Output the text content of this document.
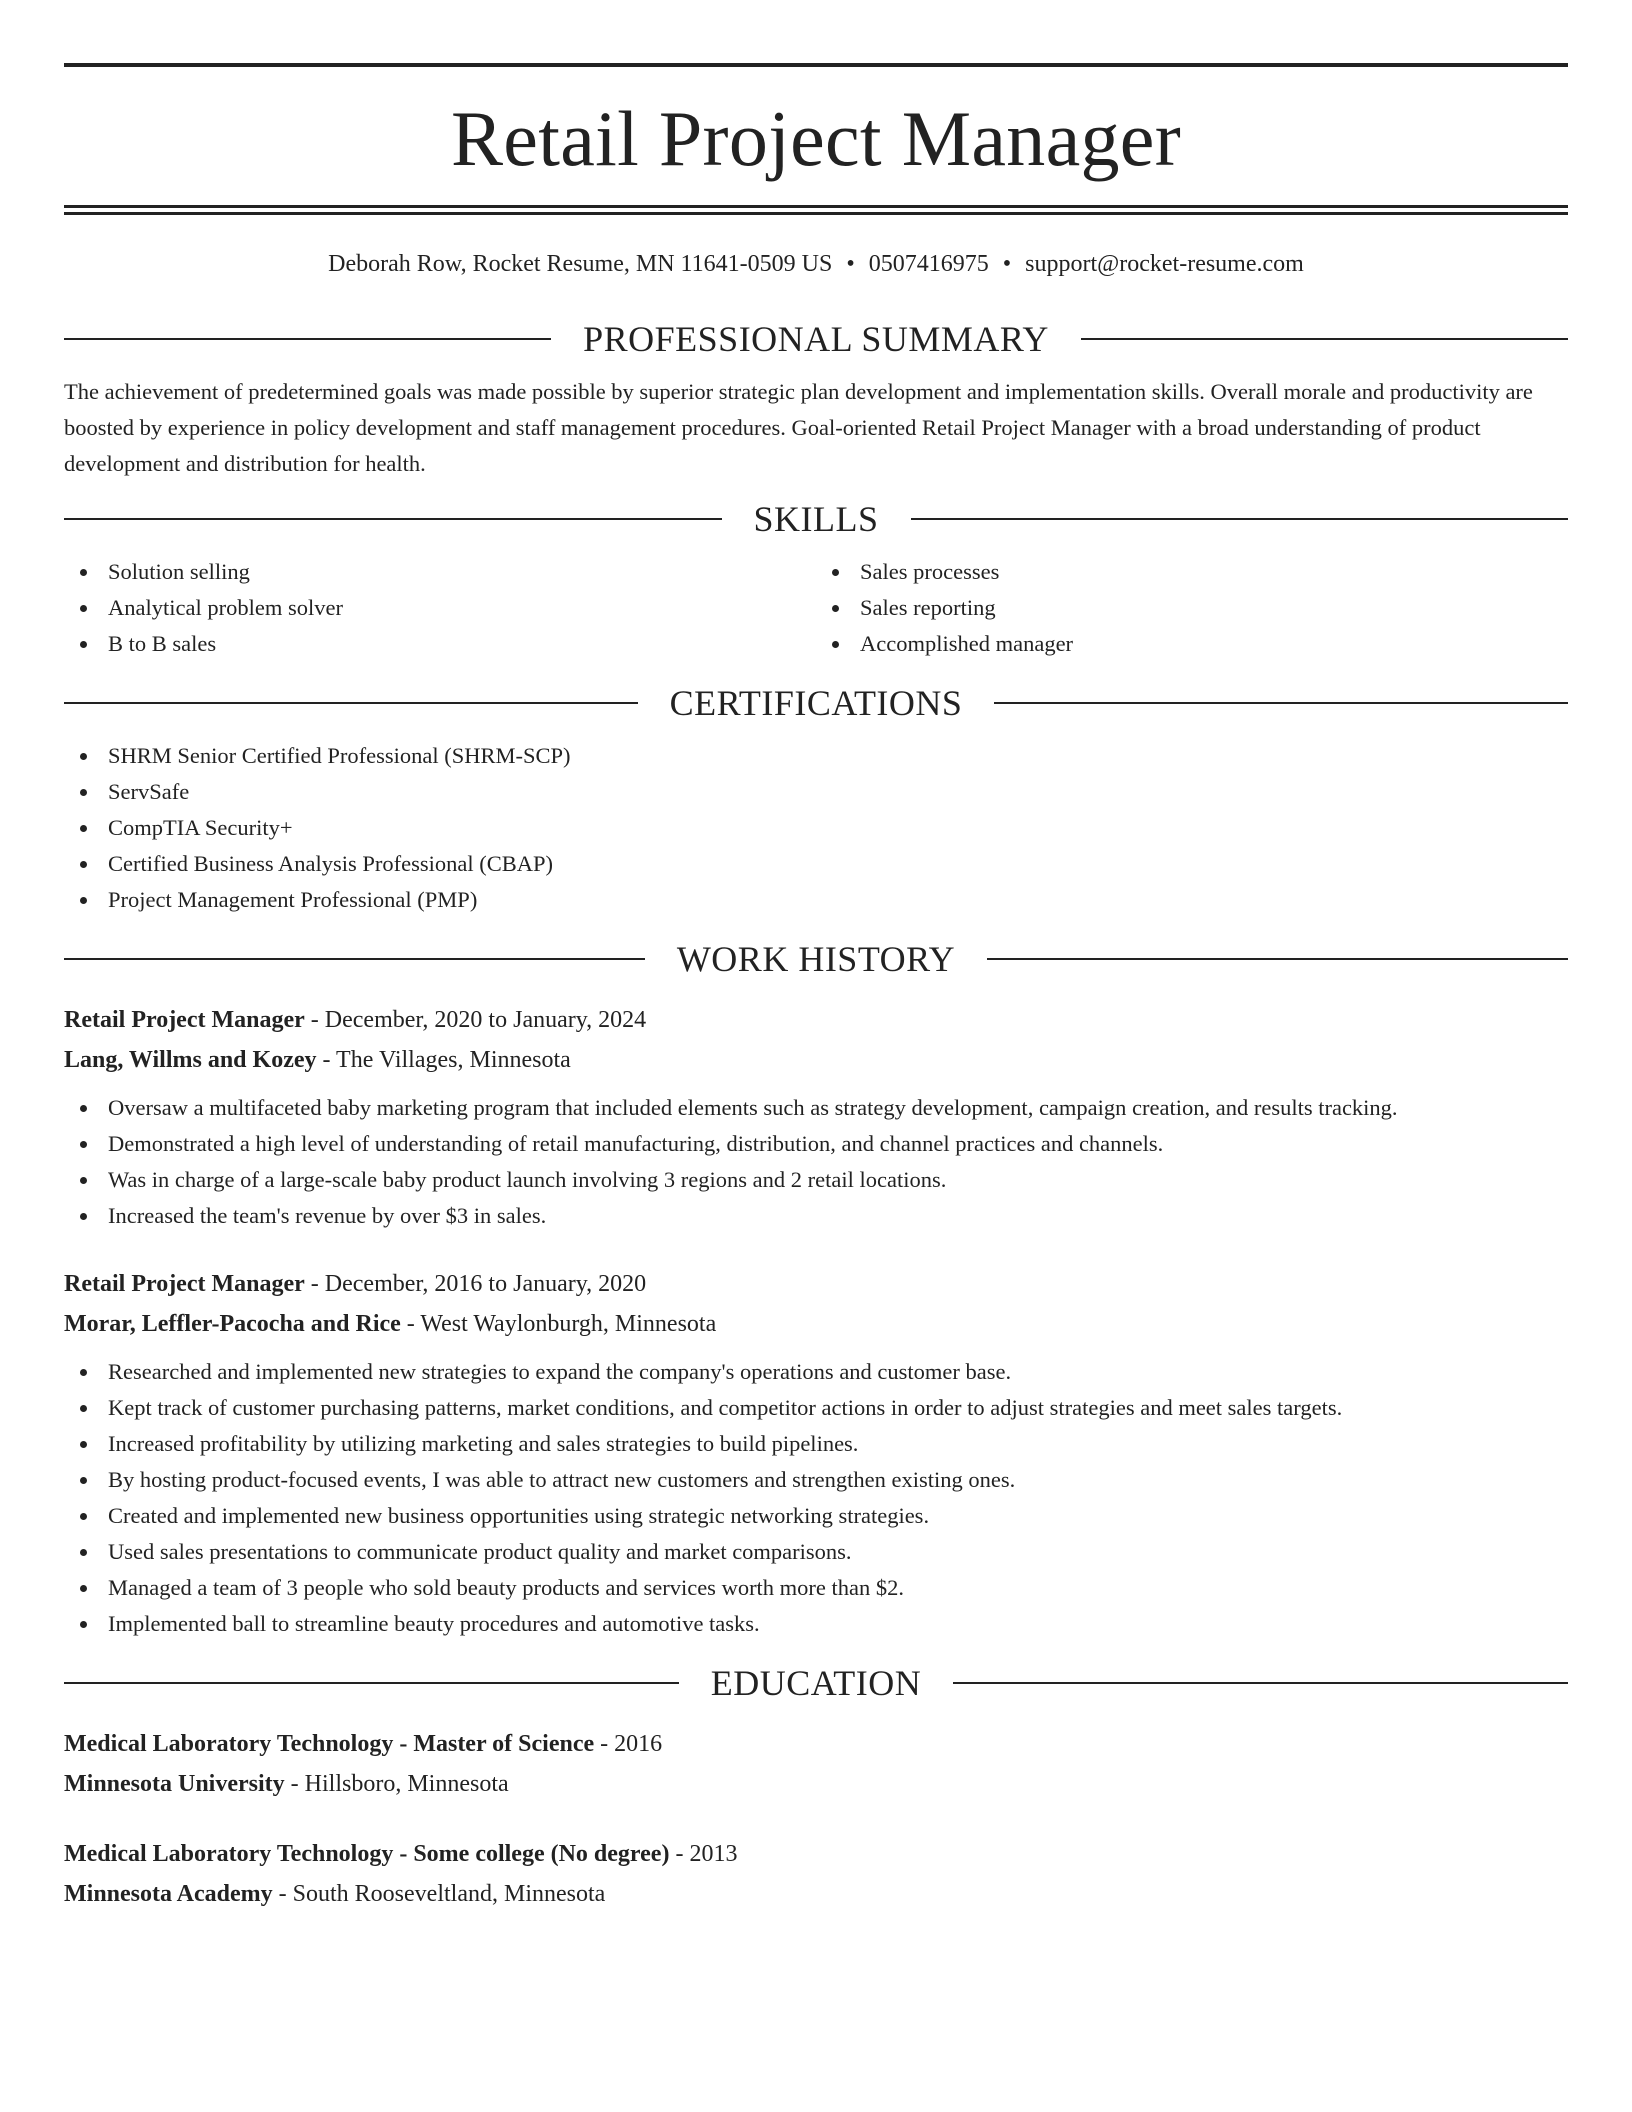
Retail Project Manager
Deborah Row, Rocket Resume, MN 11641-0509 US • 0507416975 • support@rocket-resume.com
PROFESSIONAL SUMMARY

The achievement of predetermined goals was made possible by superior strategic plan development and implementation skills. Overall morale and productivity are boosted by experience in policy development and staff management procedures. Goal-oriented Retail Project Manager with a broad understanding of product development and distribution for health.

SKILLS
Solution selling
Analytical problem solver
B to B sales
Sales processes
Sales reporting
Accomplished manager
CERTIFICATIONS
SHRM Senior Certified Professional (SHRM-SCP)
ServSafe
CompTIA Security+
Certified Business Analysis Professional (CBAP)
Project Management Professional (PMP)
WORK HISTORY
Retail Project Manager - December, 2020 to January, 2024
Lang, Willms and Kozey - The Villages, Minnesota
Oversaw a multifaceted baby marketing program that included elements such as strategy development, campaign creation, and results tracking.
Demonstrated a high level of understanding of retail manufacturing, distribution, and channel practices and channels.
Was in charge of a large-scale baby product launch involving 3 regions and 2 retail locations.
Increased the team's revenue by over $3 in sales.
Retail Project Manager - December, 2016 to January, 2020
Morar, Leffler-Pacocha and Rice - West Waylonburgh, Minnesota
Researched and implemented new strategies to expand the company's operations and customer base.
Kept track of customer purchasing patterns, market conditions, and competitor actions in order to adjust strategies and meet sales targets.
Increased profitability by utilizing marketing and sales strategies to build pipelines.
By hosting product-focused events, I was able to attract new customers and strengthen existing ones.
Created and implemented new business opportunities using strategic networking strategies.
Used sales presentations to communicate product quality and market comparisons.
Managed a team of 3 people who sold beauty products and services worth more than $2.
Implemented ball to streamline beauty procedures and automotive tasks.
EDUCATION
Medical Laboratory Technology - Master of Science - 2016
Minnesota University - Hillsboro, Minnesota
Medical Laboratory Technology - Some college (No degree) - 2013
Minnesota Academy - South Rooseveltland, Minnesota
